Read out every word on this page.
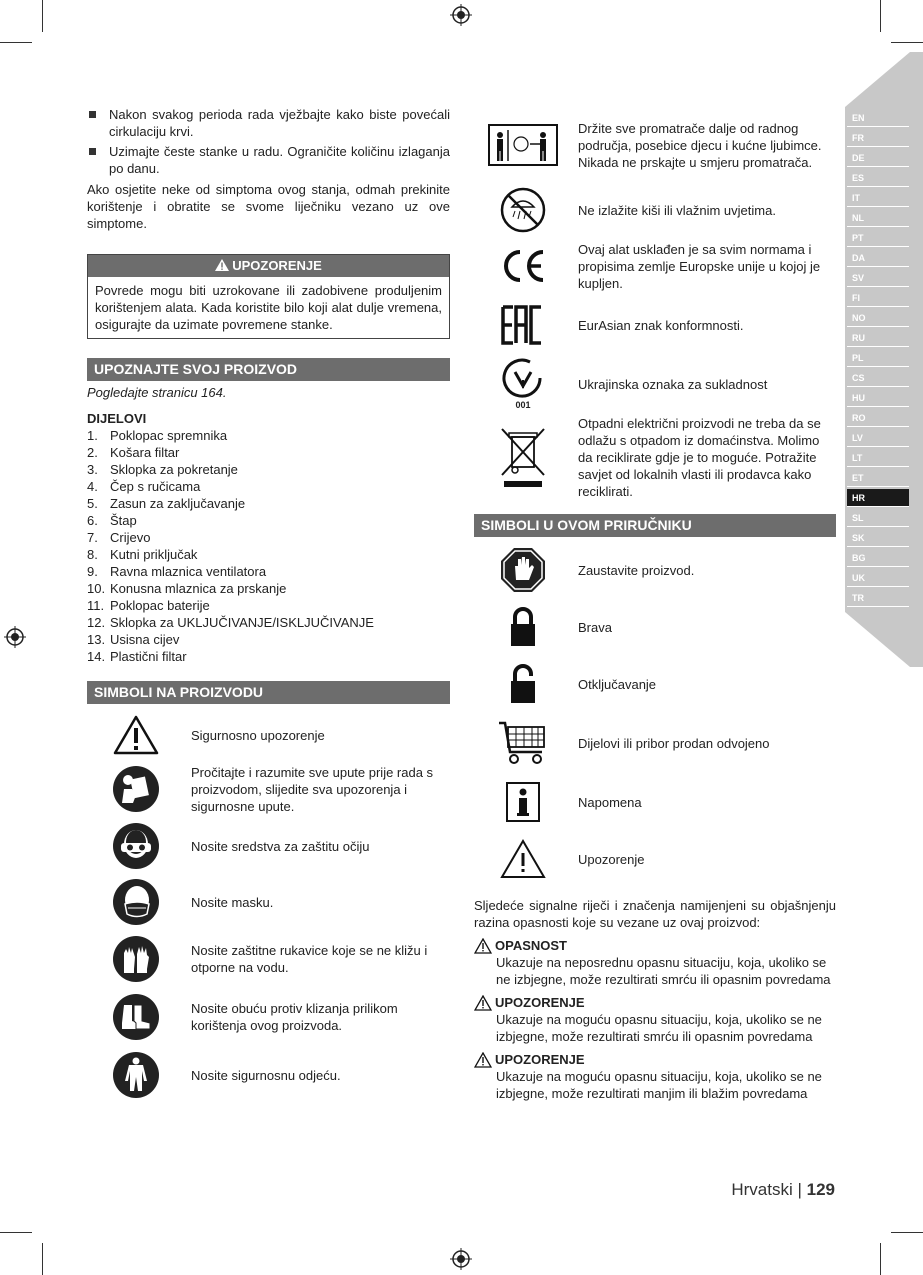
EN
FR
DE
ES
IT
NL
PT
DA
SV
FI
NO
RU
PL
CS
HU
RO
LV
LT
ET
HR
SL
SK
BG
UK
TR
Nakon svakog perioda rada vježbajte kako biste povećali cirkulaciju krvi.
Uzimajte česte stanke u radu. Ograničite količinu izlaganja po danu.

Ako osjetite neke od simptoma ovog stanja, odmah prekinite korištenje i obratite se svome liječniku vezano uz ove simptome.

UPOZORENJE
Povrede mogu biti uzrokovane ili zadobivene produljenim korištenjem alata. Kada koristite bilo koji alat dulje vremena, osigurajte da uzimate povremene stanke.
UPOZNAJTE SVOJ PROIZVOD

Pogledajte stranicu 164.

DIJELOVI

1. Poklopac spremnika
2. Košara filtar
3. Sklopka za pokretanje
4. Čep s ručicama
5. Zasun za zaključavanje
6. Štap
7. Crijevo
8. Kutni priključak
9. Ravna mlaznica ventilatora
10. Konusna mlaznica za prskanje
11. Poklopac baterije
12. Sklopka za UKLJUČIVANJE/ISKLJUČIVANJE
13. Usisna cijev
14. Plastični filtar
SIMBOLI NA PROIZVODU
Sigurnosno upozorenje
Pročitajte i razumite sve upute prije rada s proizvodom, slijedite sva upozorenja i sigurnosne upute.
Nosite sredstva za zaštitu očiju
Nosite masku.
Nosite zaštitne rukavice koje se ne kližu i otporne na vodu.
Nosite obuću protiv klizanja prilikom korištenja ovog proizvoda.
Nosite sigurnosnu odjeću.
Držite sve promatrače dalje od radnog područja, posebice djecu i kućne ljubimce. Nikada ne prskajte u smjeru promatrača.
Ne izlažite kiši ili vlažnim uvjetima.
Ovaj alat usklađen je sa svim normama i propisima zemlje Europske unije u kojoj je kupljen.
EurAsian znak konformnosti.
001
Ukrajinska oznaka za sukladnost
Otpadni električni proizvodi ne treba da se odlažu s otpadom iz domaćinstva. Molimo da reciklirate gdje je to moguće. Potražite savjet od lokalnih vlasti ili prodavca kako reciklirati.
SIMBOLI U OVOM PRIRUČNIKU
Zaustavite proizvod.
Brava
Otključavanje
Dijelovi ili pribor prodan odvojeno
Napomena
Upozorenje

Sljedeće signalne riječi i značenja namijenjeni su objašnjenju razina opasnosti koje su vezane uz ovaj proizvod:

OPASNOST
Ukazuje na neposrednu opasnu situaciju, koja, ukoliko se ne izbjegne, može rezultirati smrću ili opasnim povredama
UPOZORENJE
Ukazuje na moguću opasnu situaciju, koja, ukoliko se ne izbjegne, može rezultirati smrću ili opasnim povredama
UPOZORENJE
Ukazuje na moguću opasnu situaciju, koja, ukoliko se ne izbjegne, može rezultirati manjim ili blažim povredama
Hrvatski | 129
